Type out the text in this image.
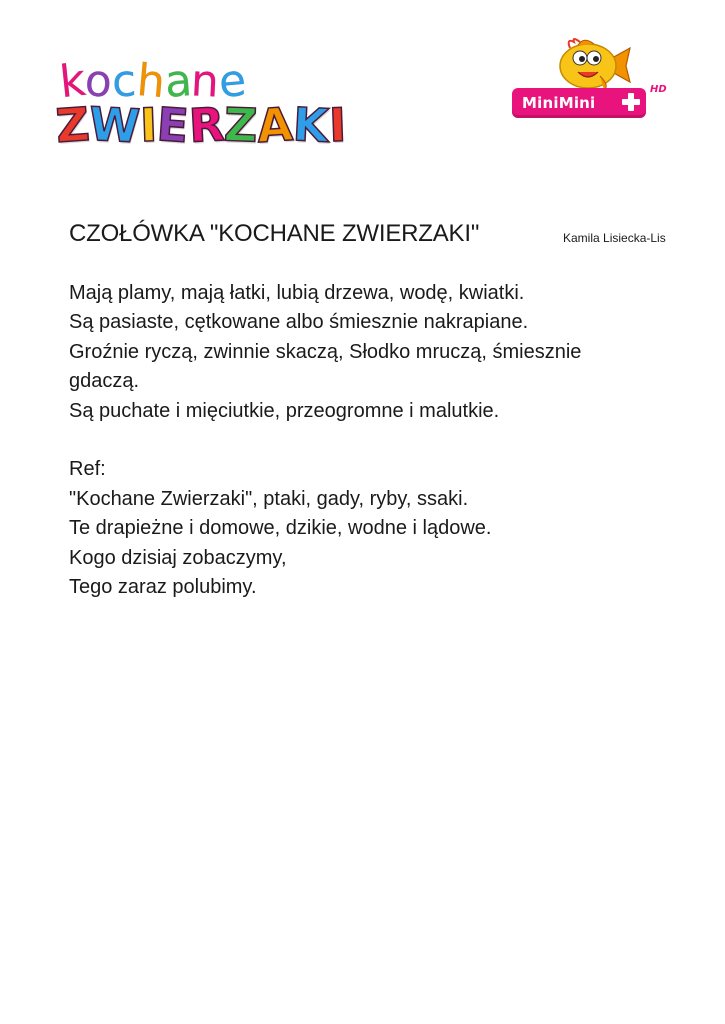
k
o
c
h
a
n
e
Z
W
I
E
R
Z
A
K
I	MiniMini
HD
CZOŁÓWKA "KOCHANE ZWIERZAKI"	Kamila Lisiecka-Lis
Mają plamy, mają łatki, lubią drzewa, wodę, kwiatki.
Są pasiaste, cętkowane albo śmiesznie nakrapiane.
Groźnie ryczą, zwinnie skaczą, Słodko mruczą, śmiesznie
gdaczą.
Są puchate i mięciutkie, przeogromne i malutkie.
Ref:
"Kochane Zwierzaki", ptaki, gady, ryby, ssaki.
Te drapieżne i domowe, dzikie, wodne i lądowe.
Kogo dzisiaj zobaczymy,
Tego zaraz polubimy.
